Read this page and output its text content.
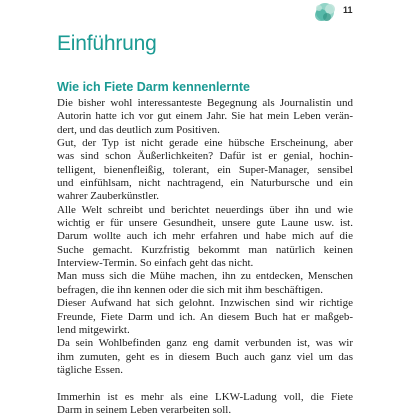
11
Einführung
Wie ich Fiete Darm kennenlernte
Die bisher wohl interessanteste Begegnung als Journalistin und
Autorin hatte ich vor gut einem Jahr. Sie hat mein Leben verän-
dert, und das deutlich zum Positiven.
Gut, der Typ ist nicht gerade eine hübsche Erscheinung, aber
was sind schon Äußerlichkeiten? Dafür ist er genial, hochin-
telligent, bienenfleißig, tolerant, ein Super-Manager, sensibel
und einfühlsam, nicht nachtragend, ein Naturbursche und ein
wahrer Zauberkünstler.
Alle Welt schreibt und berichtet neuerdings über ihn und wie
wichtig er für unsere Gesundheit, unsere gute Laune usw. ist.
Darum wollte auch ich mehr erfahren und habe mich auf die
Suche gemacht. Kurzfristig bekommt man natürlich keinen
Interview-Termin. So einfach geht das nicht.
Man muss sich die Mühe machen, ihn zu entdecken, Menschen
befragen, die ihn kennen oder die sich mit ihm beschäftigen.
Dieser Aufwand hat sich gelohnt. Inzwischen sind wir richtige
Freunde, Fiete Darm und ich. An diesem Buch hat er maßgeb-
lend mitgewirkt.
Da sein Wohlbefinden ganz eng damit verbunden ist, was wir
ihm zumuten, geht es in diesem Buch auch ganz viel um das
tägliche Essen.
Immerhin ist es mehr als eine LKW-Ladung voll, die Fiete
Darm in seinem Leben verarbeiten soll.
